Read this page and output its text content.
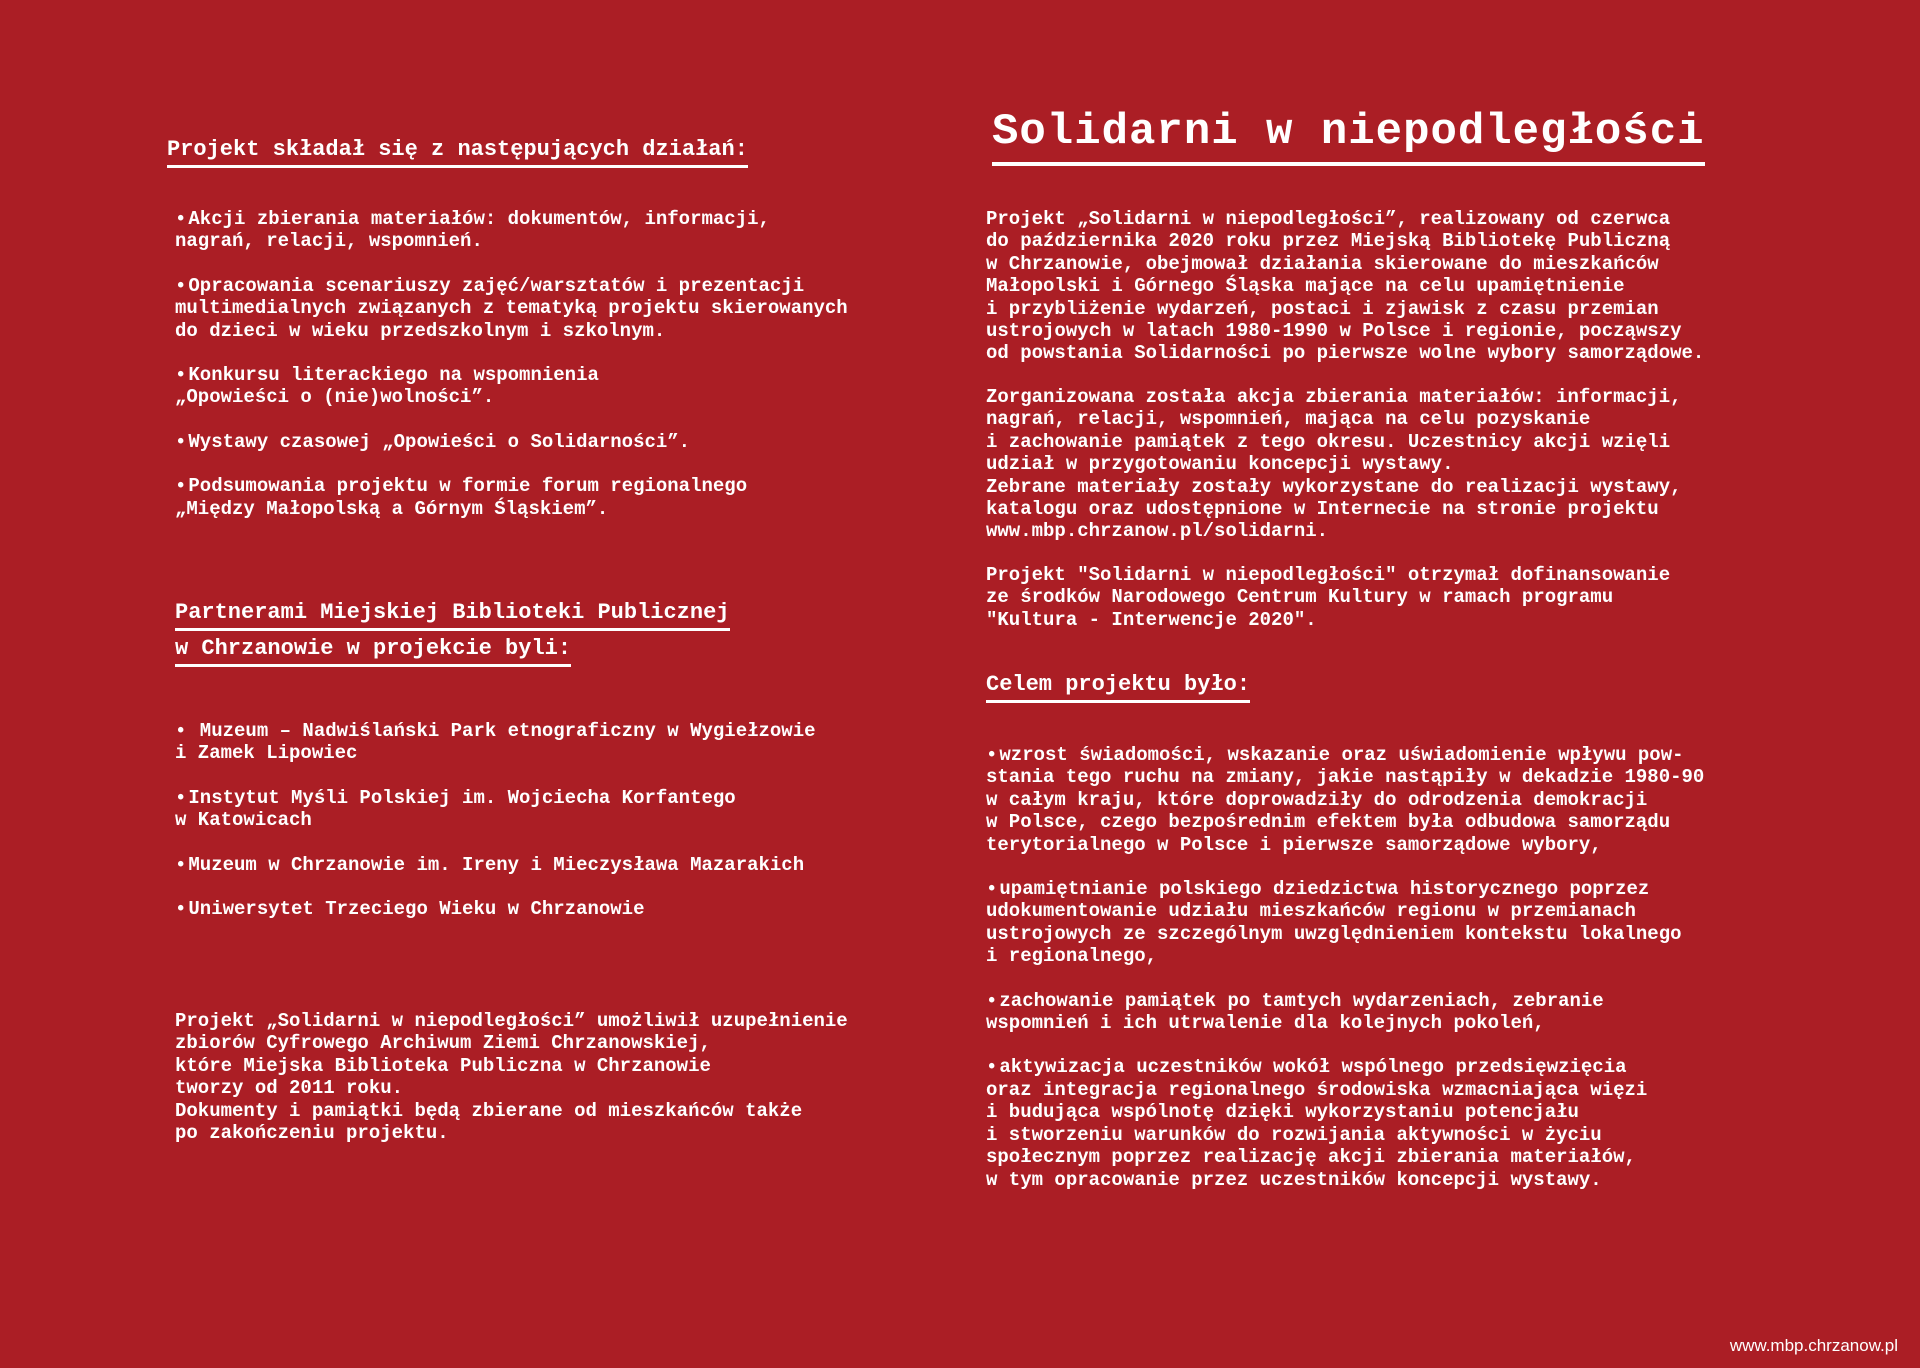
Projekt składał się z następujących działań:
• Akcji zbierania materiałów: dokumentów, informacji,
nagrań, relacji, wspomnień.
• Opracowania scenariuszy zajęć/warsztatów i prezentacji
multimedialnych związanych z tematyką projektu skierowanych
do dzieci w wieku przedszkolnym i szkolnym.
• Konkursu literackiego na wspomnienia
„Opowieści o (nie)wolności”.
• Wystawy czasowej „Opowieści o Solidarności”.
• Podsumowania projektu w formie forum regionalnego
„Między Małopolską a Górnym Śląskiem”.
Partnerami Miejskiej Biblioteki Publicznej
w Chrzanowie w projekcie byli:
• Muzeum – Nadwiślański Park etnograficzny w Wygiełzowie
i Zamek Lipowiec
• Instytut Myśli Polskiej im. Wojciecha Korfantego
w Katowicach
• Muzeum w Chrzanowie im. Ireny i Mieczysława Mazarakich
• Uniwersytet Trzeciego Wieku w Chrzanowie
Projekt „Solidarni w niepodległości” umożliwił uzupełnienie
zbiorów Cyfrowego Archiwum Ziemi Chrzanowskiej,
które Miejska Biblioteka Publiczna w Chrzanowie
tworzy od 2011 roku.
Dokumenty i pamiątki będą zbierane od mieszkańców także
po zakończeniu projektu.
Solidarni w niepodległości
Projekt „Solidarni w niepodległości”, realizowany od czerwca
do października 2020 roku przez Miejską Bibliotekę Publiczną
w Chrzanowie, obejmował działania skierowane do mieszkańców
Małopolski i Górnego Śląska mające na celu upamiętnienie
i przybliżenie wydarzeń, postaci i zjawisk z czasu przemian
ustrojowych w latach 1980-1990 w Polsce i regionie, począwszy
od powstania Solidarności po pierwsze wolne wybory samorządowe.
Zorganizowana została akcja zbierania materiałów: informacji,
nagrań, relacji, wspomnień, mająca na celu pozyskanie
i zachowanie pamiątek z tego okresu. Uczestnicy akcji wzięli
udział w przygotowaniu koncepcji wystawy.
Zebrane materiały zostały wykorzystane do realizacji wystawy,
katalogu oraz udostępnione w Internecie na stronie projektu
www.mbp.chrzanow.pl/solidarni.
Projekt "Solidarni w niepodległości" otrzymał dofinansowanie
ze środków Narodowego Centrum Kultury w ramach programu
"Kultura - Interwencje 2020".
Celem projektu było:
• wzrost świadomości, wskazanie oraz uświadomienie wpływu pow-
stania tego ruchu na zmiany, jakie nastąpiły w dekadzie 1980-90
w całym kraju, które doprowadziły do odrodzenia demokracji
w Polsce, czego bezpośrednim efektem była odbudowa samorządu
terytorialnego w Polsce i pierwsze samorządowe wybory,
• upamiętnianie polskiego dziedzictwa historycznego poprzez
udokumentowanie udziału mieszkańców regionu w przemianach
ustrojowych ze szczególnym uwzględnieniem kontekstu lokalnego
i regionalnego,
• zachowanie pamiątek po tamtych wydarzeniach, zebranie
wspomnień i ich utrwalenie dla kolejnych pokoleń,
• aktywizacja uczestników wokół wspólnego przedsięwzięcia
oraz integracja regionalnego środowiska wzmacniająca więzi
i budująca wspólnotę dzięki wykorzystaniu potencjału
i stworzeniu warunków do rozwijania aktywności w życiu
społecznym poprzez realizację akcji zbierania materiałów,
w tym opracowanie przez uczestników koncepcji wystawy.
www.mbp.chrzanow.pl
